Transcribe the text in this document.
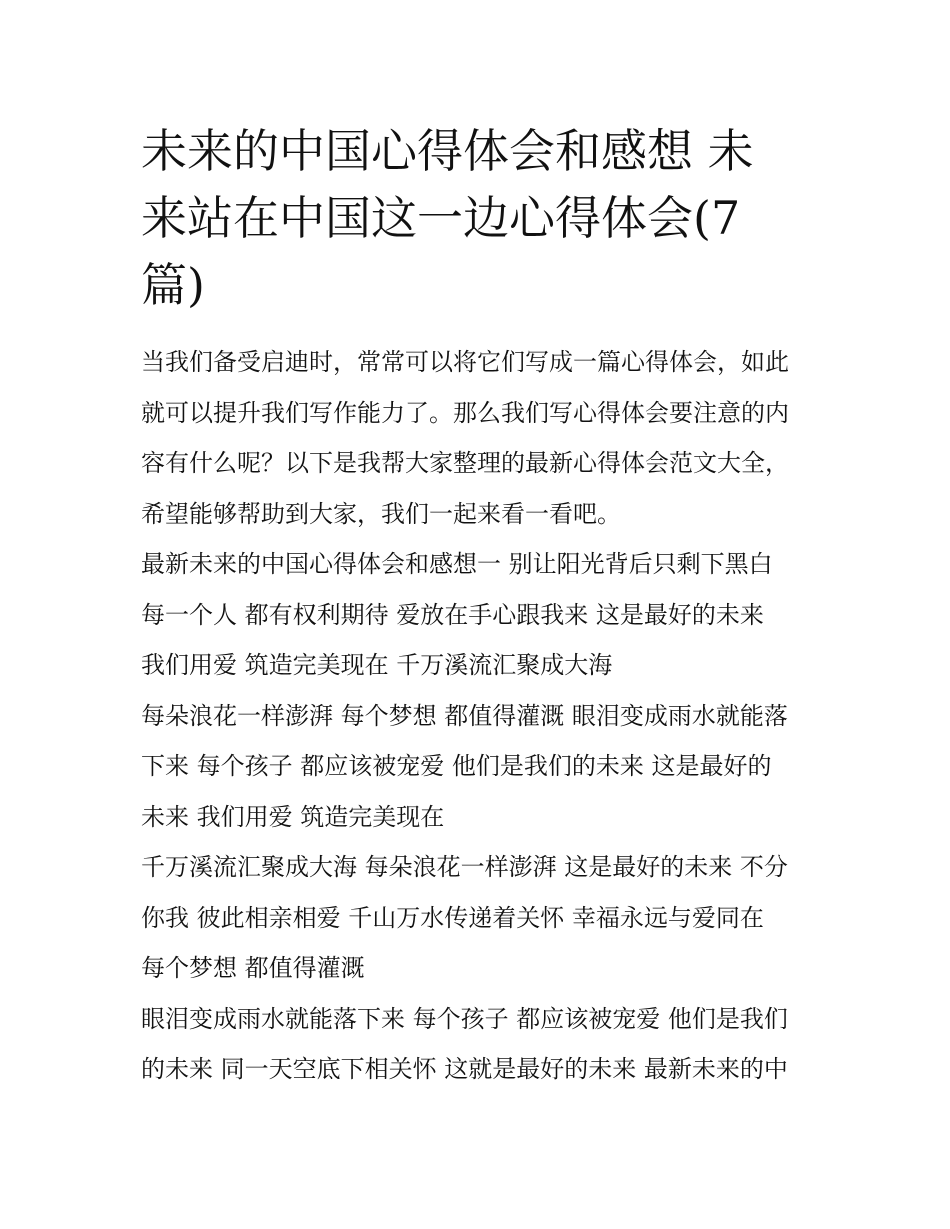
未来的中国心得体会和感想 未
来站在中国这一边心得体会(7
篇)

当我们备受启迪时，常常可以将它们写成一篇心得体会，如此
就可以提升我们写作能力了。那么我们写心得体会要注意的内
容有什么呢？以下是我帮大家整理的最新心得体会范文大全，
希望能够帮助到大家，我们一起来看一看吧。

最新未来的中国心得体会和感想一 别让阳光背后只剩下黑白
每一个人 都有权利期待 爱放在手心跟我来 这是最好的未来
我们用爱 筑造完美现在 千万溪流汇聚成大海
每朵浪花一样澎湃 每个梦想 都值得灌溉 眼泪变成雨水就能落
下来 每个孩子 都应该被宠爱 他们是我们的未来 这是最好的
未来 我们用爱 筑造完美现在
千万溪流汇聚成大海 每朵浪花一样澎湃 这是最好的未来 不分
你我 彼此相亲相爱 千山万水传递着关怀 幸福永远与爱同在
每个梦想 都值得灌溉
眼泪变成雨水就能落下来 每个孩子 都应该被宠爱 他们是我们
的未来 同一天空底下相关怀 这就是最好的未来 最新未来的中
